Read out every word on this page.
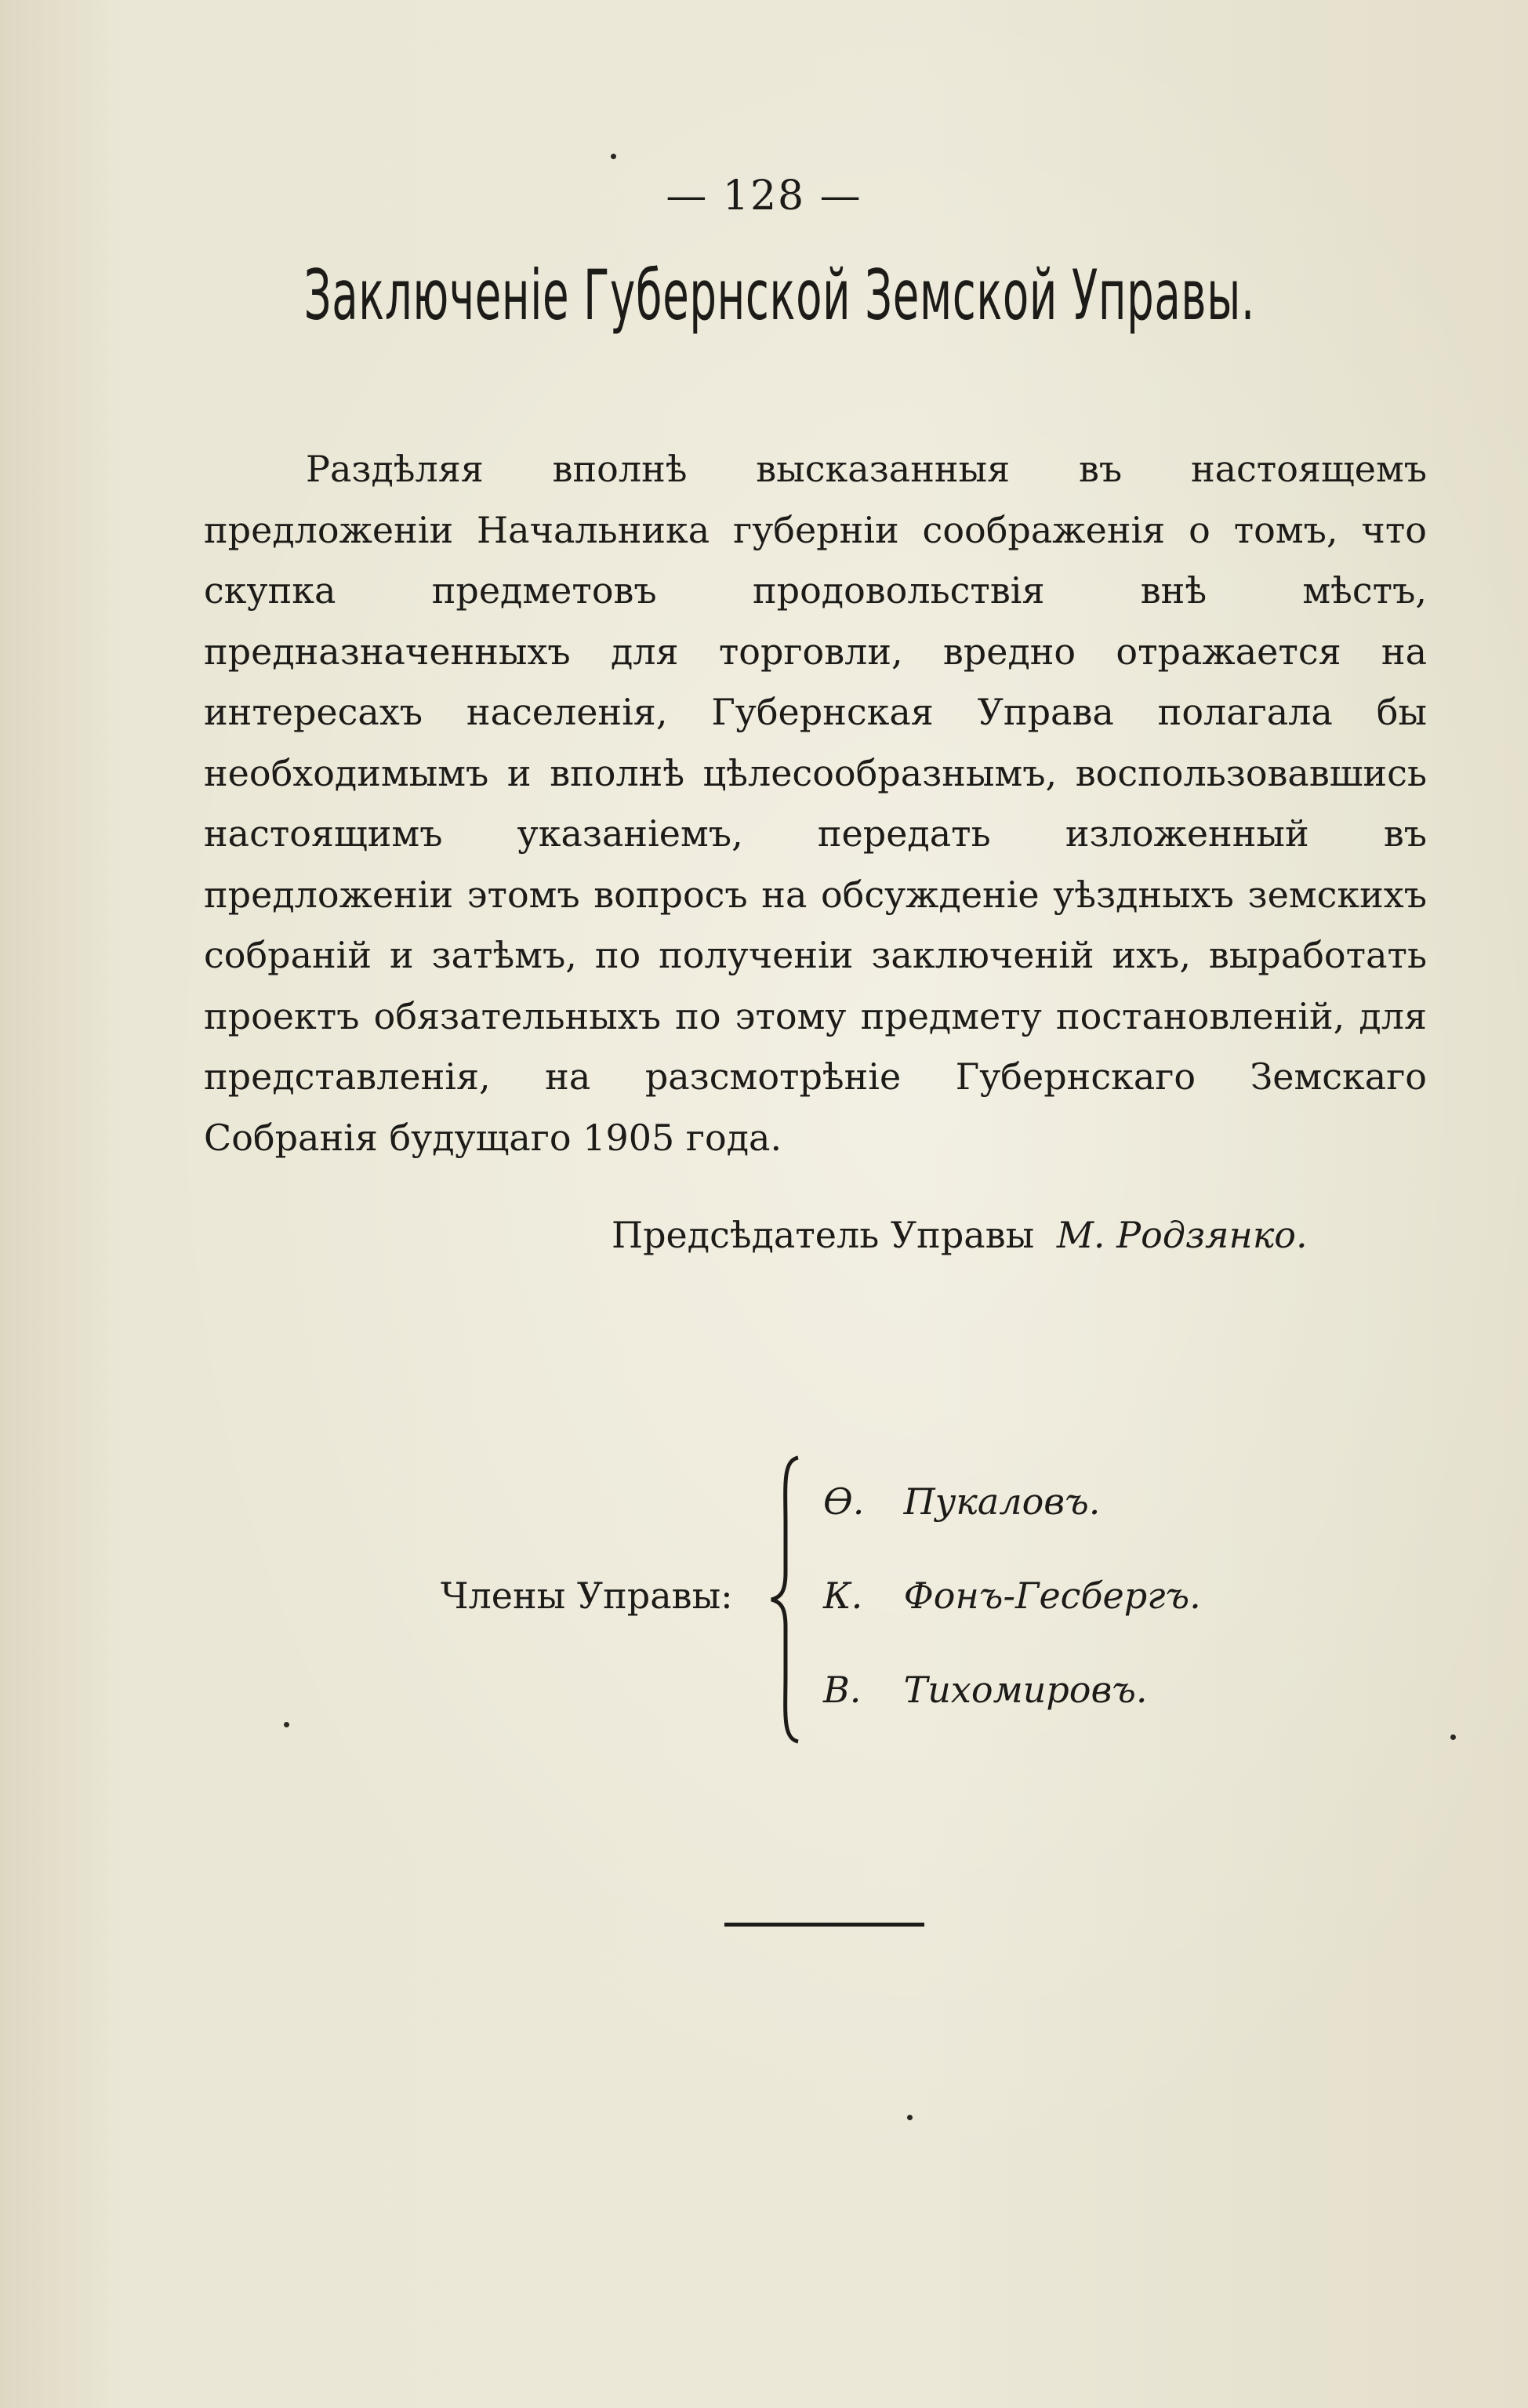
— 128 —
Заключеніе Губернской Земской Управы.
Раздѣляя вполнѣ высказанныя въ настоящемъ предложеніи Начальника губерніи соображенія о томъ, что скупка предметовъ продовольствія внѣ мѣстъ, предназначенныхъ для торговли, вредно отражается на интересахъ населенія, Губернская Управа полагала бы необходимымъ и вполнѣ цѣлесообразнымъ, воспользовавшись настоящимъ указаніемъ, передать изложенный въ предложеніи этомъ вопросъ на обсужденіе уѣздныхъ земскихъ собраній и затѣмъ, по полученіи заключеній ихъ, выработать проектъ обязательныхъ по этому предмету постановленій, для представленія, на разсмотрѣніе Губернскаго Земскаго Собранія будущаго 1905 года.
Предсѣдатель Управы М. Родзянко.
Члены Управы:
Ѳ. Пукаловъ.
К. Фонъ-Гесбергъ.
В. Тихомировъ.
